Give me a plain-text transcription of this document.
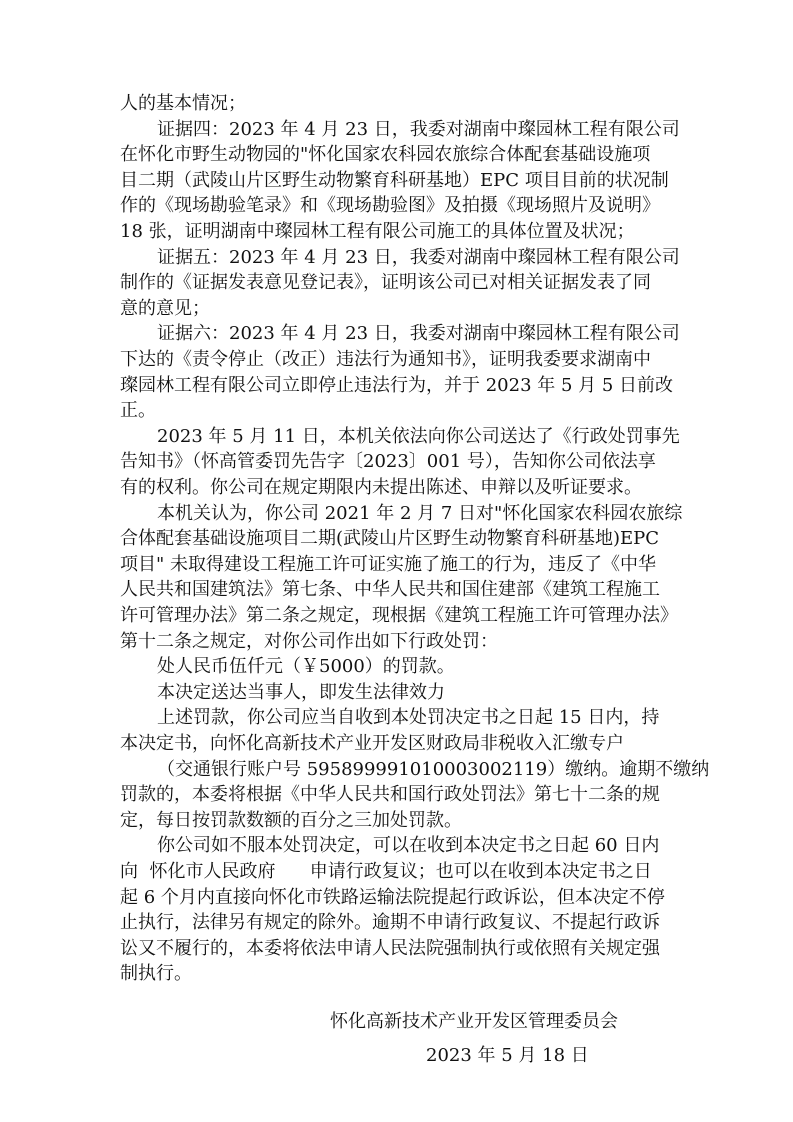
人的基本情况；
证据四：2023 年 4 月 23 日，我委对湖南中璨园林工程有限公司
在怀化市野生动物园的"怀化国家农科园农旅综合体配套基础设施项
目二期（武陵山片区野生动物繁育科研基地）EPC 项目目前的状况制
作的《现场勘验笔录》和《现场勘验图》及拍摄《现场照片及说明》
18 张，证明湖南中璨园林工程有限公司施工的具体位置及状况；
证据五：2023 年 4 月 23 日，我委对湖南中璨园林工程有限公司
制作的《证据发表意见登记表》，证明该公司已对相关证据发表了同
意的意见；
证据六：2023 年 4 月 23 日，我委对湖南中璨园林工程有限公司
下达的《责令停止（改正）违法行为通知书》，证明我委要求湖南中
璨园林工程有限公司立即停止违法行为，并于 2023 年 5 月 5 日前改
正。
2023 年 5 月 11 日，本机关依法向你公司送达了《行政处罚事先
告知书》（怀高管委罚先告字〔2023〕001 号），告知你公司依法享
有的权利。你公司在规定期限内未提出陈述、申辩以及听证要求。
本机关认为，你公司 2021 年 2 月 7 日对"怀化国家农科园农旅综
合体配套基础设施项目二期(武陵山片区野生动物繁育科研基地)EPC
项目" 未取得建设工程施工许可证实施了施工的行为，违反了《中华
人民共和国建筑法》第七条、中华人民共和国住建部《建筑工程施工
许可管理办法》第二条之规定，现根据《建筑工程施工许可管理办法》
第十二条之规定，对你公司作出如下行政处罚：
处人民币伍仟元（￥5000）的罚款。
本决定送达当事人，即发生法律效力
上述罚款，你公司应当自收到本处罚决定书之日起 15 日内，持
本决定书，向怀化高新技术产业开发区财政局非税收入汇缴专户
（交通银行账户号 595899991010003002119）缴纳。逾期不缴纳
罚款的，本委将根据《中华人民共和国行政处罚法》第七十二条的规
定，每日按罚款数额的百分之三加处罚款。
你公司如不服本处罚决定，可以在收到本决定书之日起 60 日内
向  怀化市人民政府      申请行政复议；也可以在收到本决定书之日
起 6 个月内直接向怀化市铁路运输法院提起行政诉讼，但本决定不停
止执行，法律另有规定的除外。逾期不申请行政复议、不提起行政诉
讼又不履行的，本委将依法申请人民法院强制执行或依照有关规定强
制执行。
怀化高新技术产业开发区管理委员会
2023 年 5 月 18 日
